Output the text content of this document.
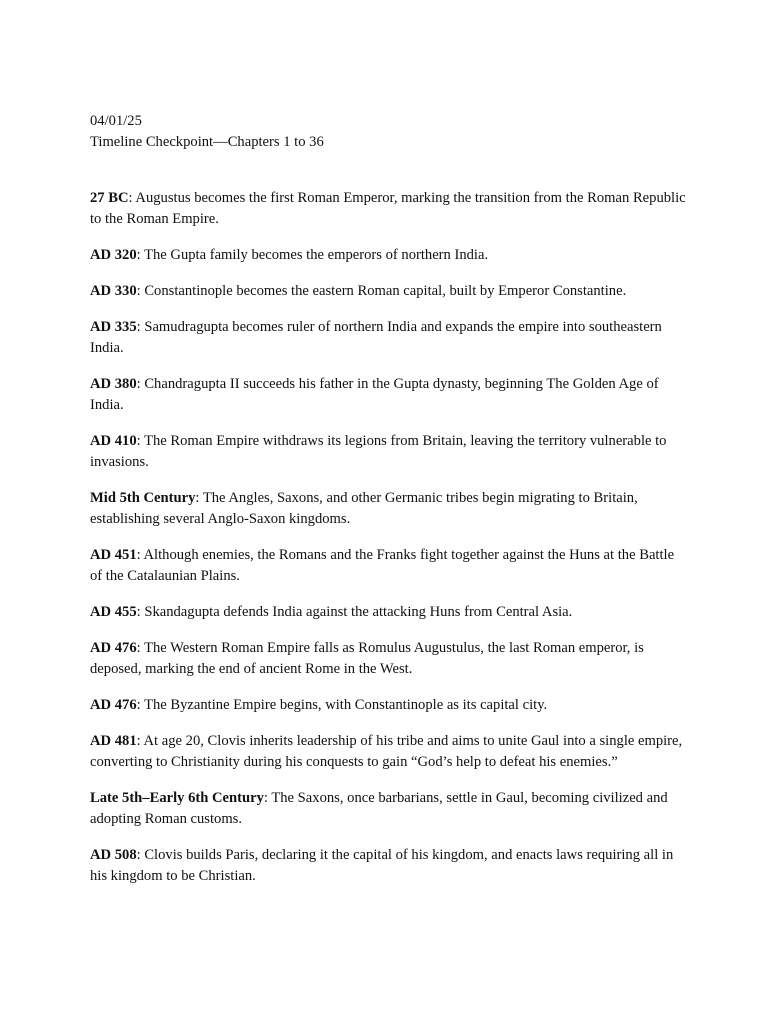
04/01/25

Timeline Checkpoint—Chapters 1 to 36

27 BC: Augustus becomes the first Roman Emperor, marking the transition from the Roman Republic to the Roman Empire.

AD 320: The Gupta family becomes the emperors of northern India.

AD 330: Constantinople becomes the eastern Roman capital, built by Emperor Constantine.

AD 335: Samudragupta becomes ruler of northern India and expands the empire into southeastern India.

AD 380: Chandragupta II succeeds his father in the Gupta dynasty, beginning The Golden Age of India.

AD 410: The Roman Empire withdraws its legions from Britain, leaving the territory vulnerable to invasions.

Mid 5th Century: The Angles, Saxons, and other Germanic tribes begin migrating to Britain, establishing several Anglo-Saxon kingdoms.

AD 451: Although enemies, the Romans and the Franks fight together against the Huns at the Battle of the Catalaunian Plains.

AD 455: Skandagupta defends India against the attacking Huns from Central Asia.

AD 476: The Western Roman Empire falls as Romulus Augustulus, the last Roman emperor, is deposed, marking the end of ancient Rome in the West.

AD 476: The Byzantine Empire begins, with Constantinople as its capital city.

AD 481: At age 20, Clovis inherits leadership of his tribe and aims to unite Gaul into a single empire, converting to Christianity during his conquests to gain “God’s help to defeat his enemies.”

Late 5th–Early 6th Century: The Saxons, once barbarians, settle in Gaul, becoming civilized and adopting Roman customs.

AD 508: Clovis builds Paris, declaring it the capital of his kingdom, and enacts laws requiring all in his kingdom to be Christian.
